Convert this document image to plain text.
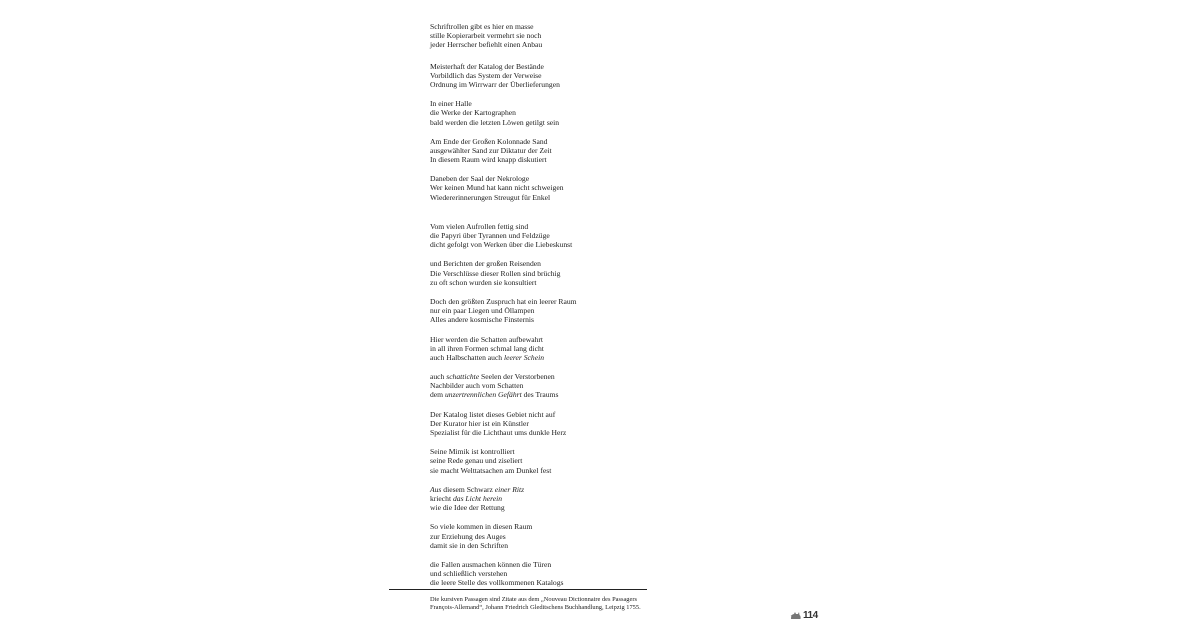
Schriftrollen gibt es hier en masse
stille Kopierarbeit vermehrt sie noch
jeder Herrscher befiehlt einen Anbau
Meisterhaft der Katalog der Bestände
Vorbildlich das System der Verweise
Ordnung im Wirrwarr der Überlieferungen
In einer Halle
die Werke der Kartographen
bald werden die letzten Löwen getilgt sein
Am Ende der Großen Kolonnade Sand
ausgewählter Sand zur Diktatur der Zeit
In diesem Raum wird knapp diskutiert
Daneben der Saal der Nekrologe
Wer keinen Mund hat kann nicht schweigen
Wiedererinnerungen Streugut für Enkel
Vom vielen Aufrollen fettig sind
die Papyri über Tyrannen und Feldzüge
dicht gefolgt von Werken über die Liebeskunst
und Berichten der großen Reisenden
Die Verschlüsse dieser Rollen sind brüchig
zu oft schon wurden sie konsultiert
Doch den größten Zuspruch hat ein leerer Raum
nur ein paar Liegen und Öllampen
Alles andere kosmische Finsternis
Hier werden die Schatten aufbewahrt
in all ihren Formen schmal lang dicht
auch Halbschatten auch leerer Schein
auch schattichte Seelen der Verstorbenen
Nachbilder auch vom Schatten
dem unzertrennlichen Gefährt des Traums
Der Katalog listet dieses Gebiet nicht auf
Der Kurator hier ist ein Künstler
Spezialist für die Lichthaut ums dunkle Herz
Seine Mimik ist kontrolliert
seine Rede genau und ziseliert
sie macht Welttatsachen am Dunkel fest
Aus diesem Schwarz einer Ritz
kriecht das Licht herein
wie die Idee der Rettung
So viele kommen in diesen Raum
zur Erziehung des Auges
damit sie in den Schriften
die Fallen ausmachen können die Türen
und schließlich verstehen
die leere Stelle des vollkommenen Katalogs
Die kursiven Passagen sind Zitate aus dem „Nouveau Dictionnaire des Passagers
François-Allemand“, Johann Friedrich Gleditschens Buchhandlung, Leipzig 1755.
114
